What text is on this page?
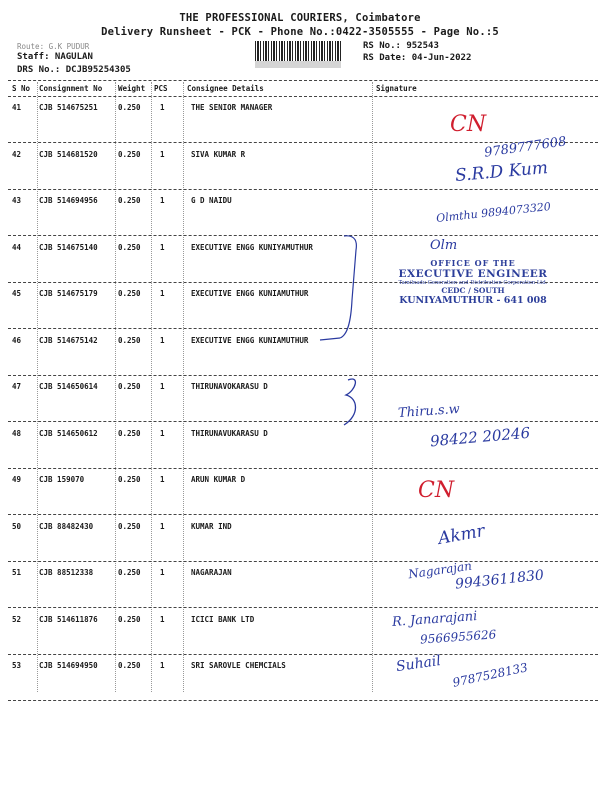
THE PROFESSIONAL COURIERS, Coimbatore
Delivery Runsheet - PCK - Phone No.:0422-3505555 - Page No.:5
Route: G.K PUDUR
Staff: NAGULAN
DRS No.: DCJB95254305
RS No.: 952543
RS Date: 04-Jun-2022
S No Consignment No Weight PCS	Consignee Details	Signature
41 CJB 514675251	0.250	1	THE SENIOR MANAGER
42 CJB 514681520	0.250	1	SIVA KUMAR R
43 CJB 514694956	0.250	1	G D NAIDU
44 CJB 514675140	0.250	1	EXECUTIVE ENGG KUNIYAMUTHUR
45 CJB 514675179	0.250	1	EXECUTIVE ENGG KUNIAMUTHUR
46 CJB 514675142	0.250	1	EXECUTIVE ENGG KUNIAMUTHUR
47 CJB 514650614	0.250	1	THIRUNAVOKARASU D
48 CJB 514650612	0.250	1	THIRUNAVUKARASU D
49 CJB 159070	0.250	1	ARUN KUMAR D
50 CJB 88482430	0.250	1	KUMAR IND
51 CJB 88512338	0.250	1	NAGARAJAN
52 CJB 514611876	0.250	1	ICICI BANK LTD
53 CJB 514694950	0.250	1	SRI SAROVLE CHEMCIALS
OFFICE OF THE
EXECUTIVE ENGINEER
Tamilnadu Generation and Distribution Corporation Ltd.
CEDC / SOUTH
KUNIYAMUTHUR - 641 008
CN
CN
9789777608
S.R.D Kum
Olmthu 9894073320
Olm
Thiru.s.w
98422 20246
Akmr
Nagarajan
9943611830
R. Janarajani
9566955626
Suhail 9787528133
